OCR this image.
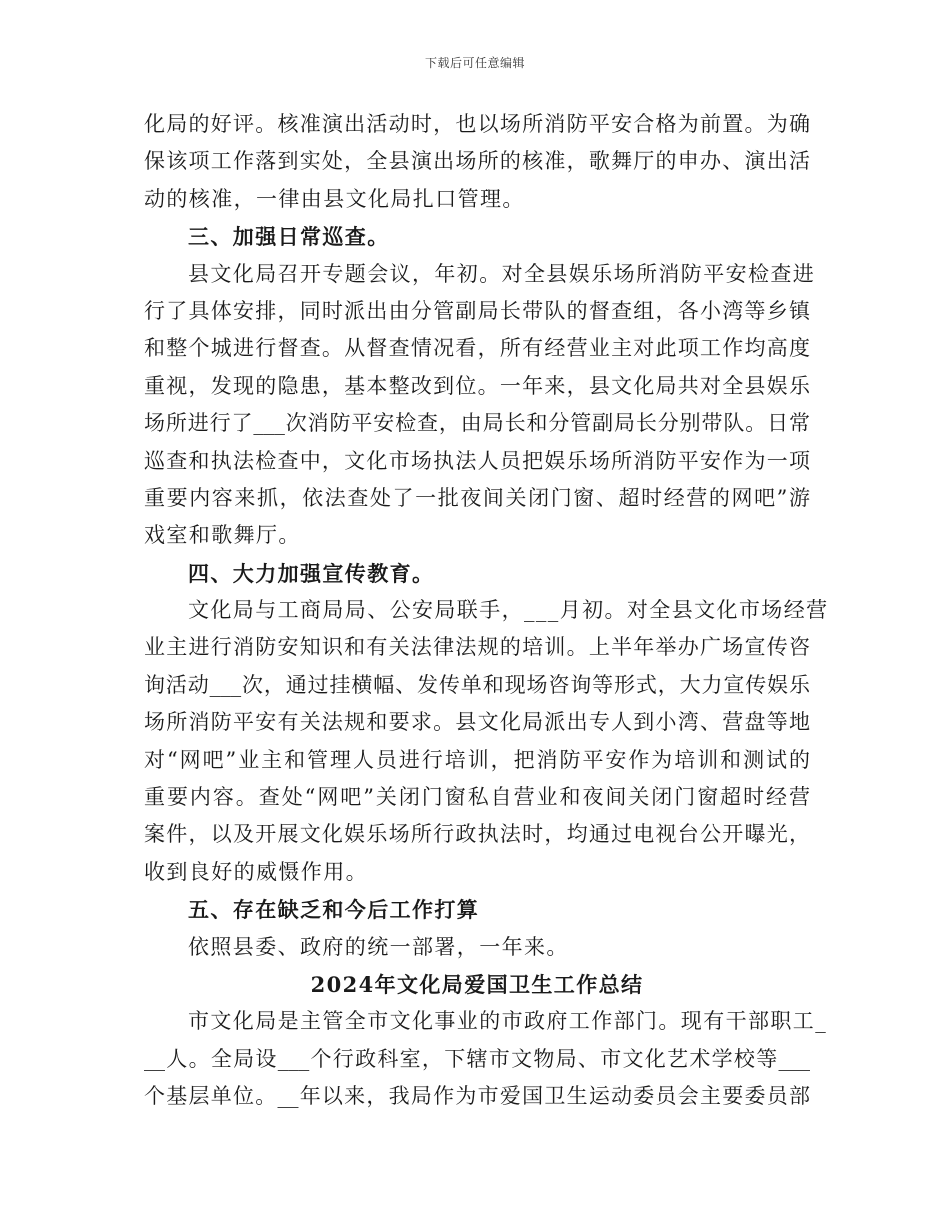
下载后可任意编辑
化局的好评。核准演出活动时，也以场所消防平安合格为前置。为确
保该项工作落到实处，全县演出场所的核准，歌舞厅的申办、演出活
动的核准，一律由县文化局扎口管理。
三、加强日常巡查。
县文化局召开专题会议，年初。对全县娱乐场所消防平安检查进
行了具体安排，同时派出由分管副局长带队的督查组，各小湾等乡镇
和整个城进行督查。从督查情况看，所有经营业主对此项工作均高度
重视，发现的隐患，基本整改到位。一年来，县文化局共对全县娱乐
场所进行了___次消防平安检查，由局长和分管副局长分别带队。日常
巡查和执法检查中，文化市场执法人员把娱乐场所消防平安作为一项
重要内容来抓，依法查处了一批夜间关闭门窗、超时经营的网吧”游
戏室和歌舞厅。
四、大力加强宣传教育。
文化局与工商局局、公安局联手，___月初。对全县文化市场经营
业主进行消防安知识和有关法律法规的培训。上半年举办广场宣传咨
询活动___次，通过挂横幅、发传单和现场咨询等形式，大力宣传娱乐
场所消防平安有关法规和要求。县文化局派出专人到小湾、营盘等地
对“网吧”业主和管理人员进行培训，把消防平安作为培训和测试的
重要内容。查处“网吧”关闭门窗私自营业和夜间关闭门窗超时经营
案件，以及开展文化娱乐场所行政执法时，均通过电视台公开曝光，
收到良好的威慑作用。
五、存在缺乏和今后工作打算
依照县委、政府的统一部署，一年来。
2024年文化局爱国卫生工作总结
市文化局是主管全市文化事业的市政府工作部门。现有干部职工_
__人。全局设___个行政科室，下辖市文物局、市文化艺术学校等___
个基层单位。__年以来，我局作为市爱国卫生运动委员会主要委员部
